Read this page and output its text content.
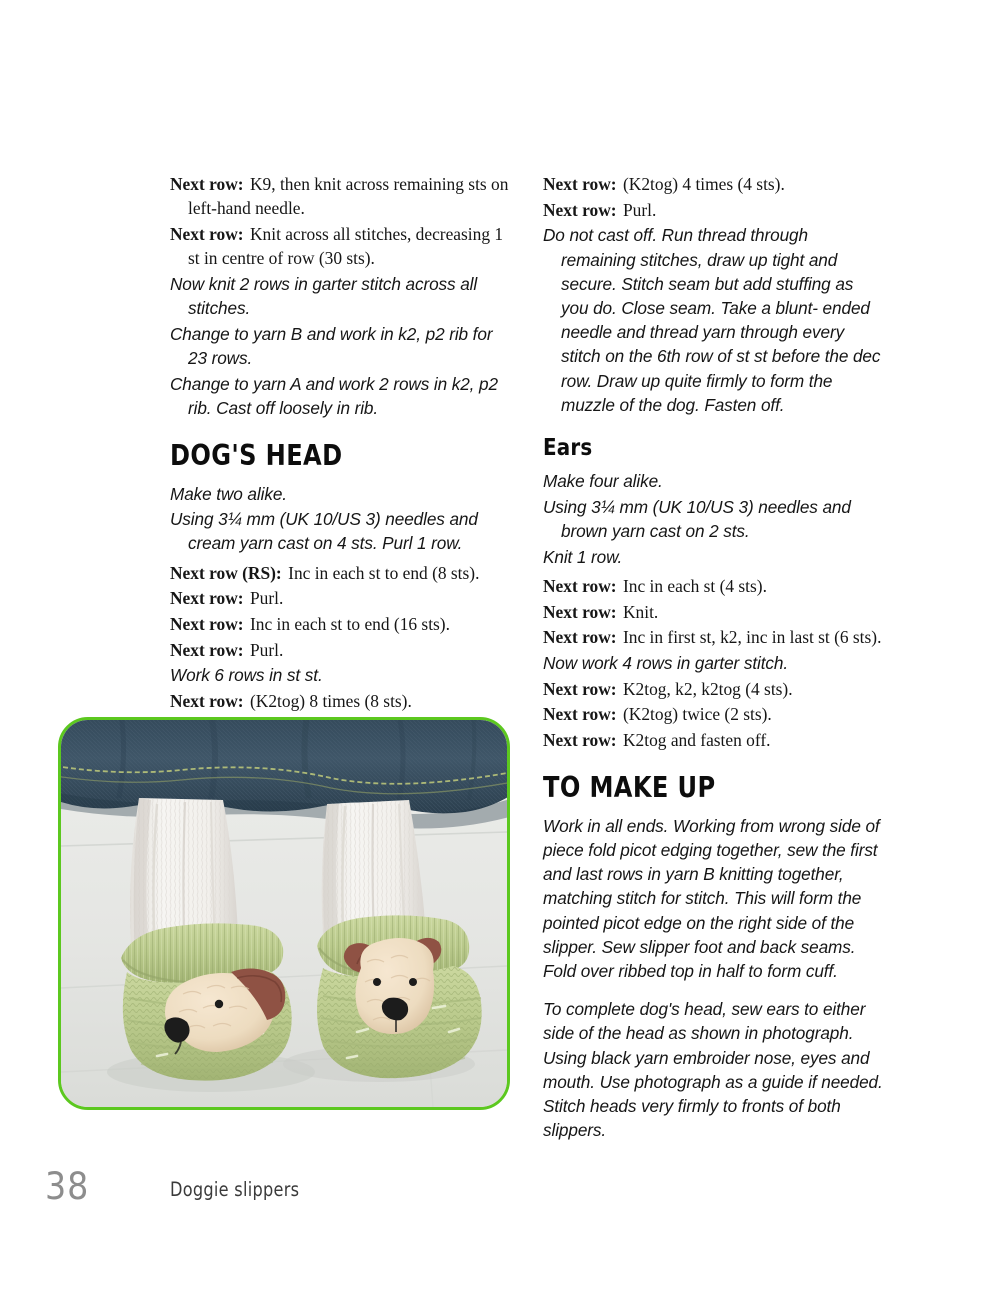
Next row: K9, then knit across remaining sts on left-hand needle.

Next row: Knit across all stitches, decreasing 1 st in centre of row (30 sts).

Now knit 2 rows in garter stitch across all stitches.

Change to yarn B and work in k2, p2 rib for 23 rows.

Change to yarn A and work 2 rows in k2, p2 rib. Cast off loosely in rib.

DOG'S HEAD

Make two alike.

Using 3¼ mm (UK 10/US 3) needles and cream yarn cast on 4 sts. Purl 1 row.

Next row (RS): Inc in each st to end (8 sts).

Next row: Purl.

Next row: Inc in each st to end (16 sts).

Next row: Purl.

Work 6 rows in st st.

Next row: (K2tog) 8 times (8 sts).

Next row: (K2tog) 4 times (4 sts).

Next row: Purl.

Do not cast off. Run thread through remaining stitches, draw up tight and secure. Stitch seam but add stuffing as you do. Close seam. Take a blunt- ended needle and thread yarn through every stitch on the 6th row of st st before the dec row. Draw up quite firmly to form the muzzle of the dog. Fasten off.

Ears

Make four alike.

Using 3¼ mm (UK 10/US 3) needles and brown yarn cast on 2 sts.

Knit 1 row.

Next row: Inc in each st (4 sts).

Next row: Knit.

Next row: Inc in first st, k2, inc in last st (6 sts).

Now work 4 rows in garter stitch.

Next row: K2tog, k2, k2tog (4 sts).

Next row: (K2tog) twice (2 sts).

Next row: K2tog and fasten off.

TO MAKE UP

Work in all ends. Working from wrong side of piece fold picot edging together, sew the first and last rows in yarn B knitting together, matching stitch for stitch. This will form the pointed picot edge on the right side of the slipper. Sew slipper foot and back seams. Fold over ribbed top in half to form cuff.

To complete dog's head, sew ears to either side of the head as shown in photograph. Using black yarn embroider nose, eyes and mouth. Use photograph as a guide if needed. Stitch heads very firmly to fronts of both slippers.

38	Doggie slippers
